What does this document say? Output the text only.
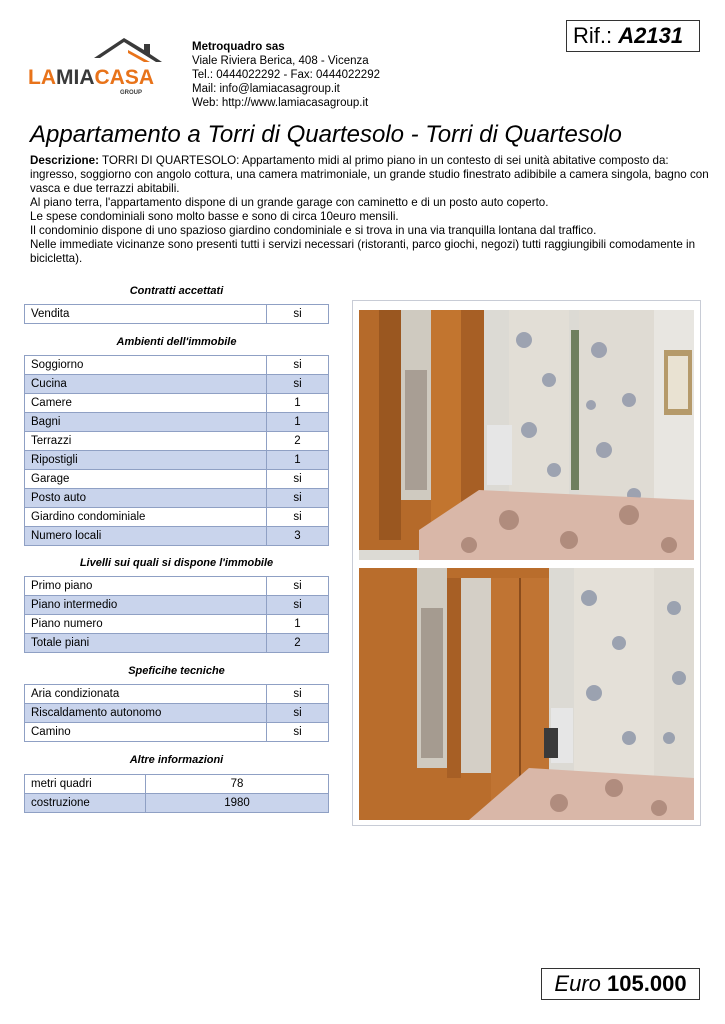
LAMIACASA
GROUP
Metroquadro sas
Viale Riviera Berica, 408 - Vicenza
Tel.: 0444022292 - Fax: 0444022292
Mail: info@lamiacasagroup.it
Web: http://www.lamiacasagroup.it
Rif.: A2131
Appartamento a Torri di Quartesolo - Torri di Quartesolo

Descrizione: TORRI DI QUARTESOLO: Appartamento midi al primo piano in un contesto di sei unità abitative composto da: ingresso, soggiorno con angolo cottura, una camera matrimoniale, un grande studio finestrato adibibile a camera singola, bagno con vasca e due terrazzi abitabili.

Al piano terra, l'appartamento dispone di un grande garage con caminetto e di un posto auto coperto.

Le spese condominiali sono molto basse e sono di circa 10euro mensili.

Il condominio dispone di uno spazioso giardino condominiale e si trova in una via tranquilla lontana dal traffico.

Nelle immediate vicinanze sono presenti tutti i servizi necessari (ristoranti, parco giochi, negozi) tutti raggiungibili comodamente in bicicletta).

Contratti accettati
Vendita	si
Ambienti dell'immobile
Soggiorno	si
Cucina	si
Camere	1
Bagni	1
Terrazzi	2
Ripostigli	1
Garage	si
Posto auto	si
Giardino condominiale	si
Numero locali	3
Livelli sui quali si dispone l'immobile
Primo piano	si
Piano intermedio	si
Piano numero	1
Totale piani	2
Speficihe tecniche
Aria condizionata	si
Riscaldamento autonomo	si
Camino	si
Altre informazioni
metri quadri	78
costruzione	1980
Euro 105.000
